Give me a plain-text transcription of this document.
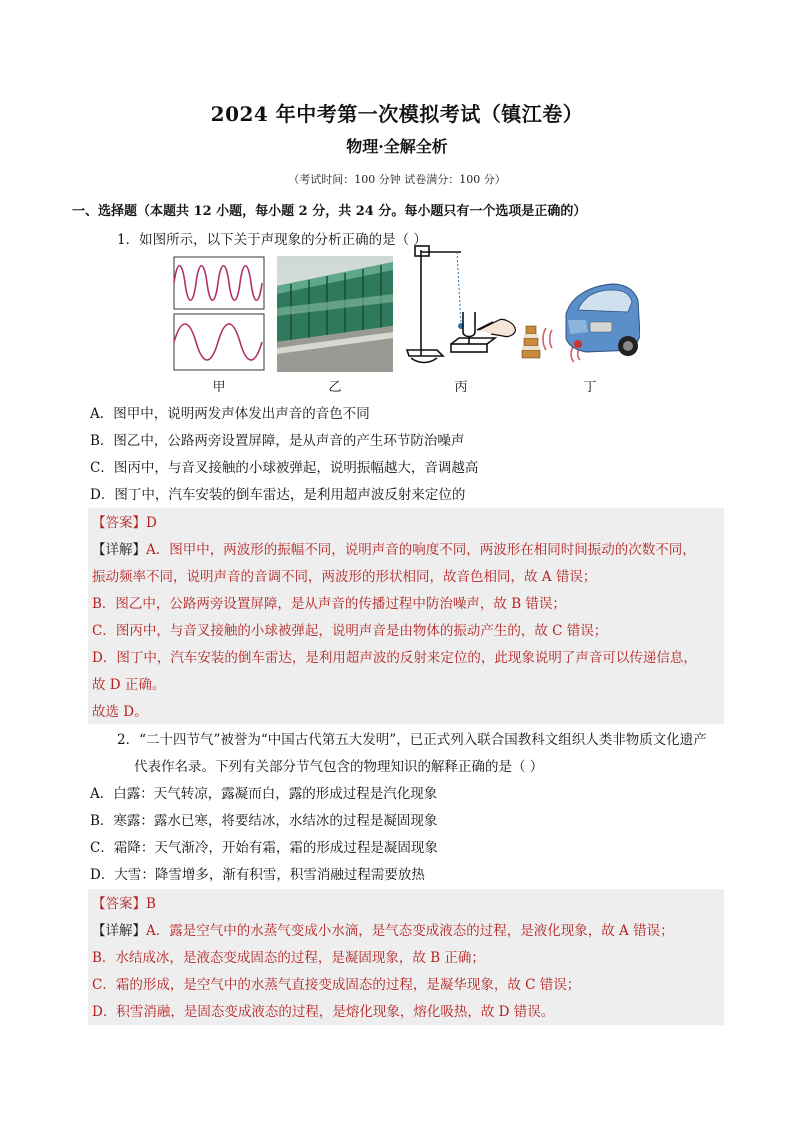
2024 年中考第一次模拟考试（镇江卷）
物理·全解全析
（考试时间：100 分钟 试卷满分：100 分）
一、选择题（本题共 12 小题，每小题 2 分，共 24 分。每小题只有一个选项是正确的）
1．如图所示，以下关于声现象的分析正确的是（ ）
甲	乙	丙	丁
A．图甲中，说明两发声体发出声音的音色不同
B．图乙中，公路两旁设置屏障，是从声音的产生环节防治噪声
C．图丙中，与音叉接触的小球被弹起，说明振幅越大，音调越高
D．图丁中，汽车安装的倒车雷达，是利用超声波反射来定位的
【答案】D
【详解】A．图甲中，两波形的振幅不同，说明声音的响度不同，两波形在相同时间振动的次数不同，
振动频率不同，说明声音的音调不同，两波形的形状相同，故音色相同，故 A 错误；
B．图乙中，公路两旁设置屏障，是从声音的传播过程中防治噪声，故 B 错误；
C．图丙中，与音叉接触的小球被弹起，说明声音是由物体的振动产生的，故 C 错误；
D．图丁中，汽车安装的倒车雷达，是利用超声波的反射来定位的，此现象说明了声音可以传递信息，
故 D 正确。
故选 D。
2．“二十四节气”被誉为“中国古代第五大发明”，已正式列入联合国教科文组织人类非物质文化遗产
代表作名录。下列有关部分节气包含的物理知识的解释正确的是（ ）
A．白露：天气转凉，露凝而白，露的形成过程是汽化现象
B．寒露：露水已寒，将要结冰，水结冰的过程是凝固现象
C．霜降：天气渐冷，开始有霜，霜的形成过程是凝固现象
D．大雪：降雪增多，渐有积雪，积雪消融过程需要放热
【答案】B
【详解】A．露是空气中的水蒸气变成小水滴，是气态变成液态的过程，是液化现象，故 A 错误；
B．水结成冰，是液态变成固态的过程，是凝固现象，故 B 正确；
C．霜的形成，是空气中的水蒸气直接变成固态的过程，是凝华现象，故 C 错误；
D．积雪消融，是固态变成液态的过程，是熔化现象，熔化吸热，故 D 错误。
